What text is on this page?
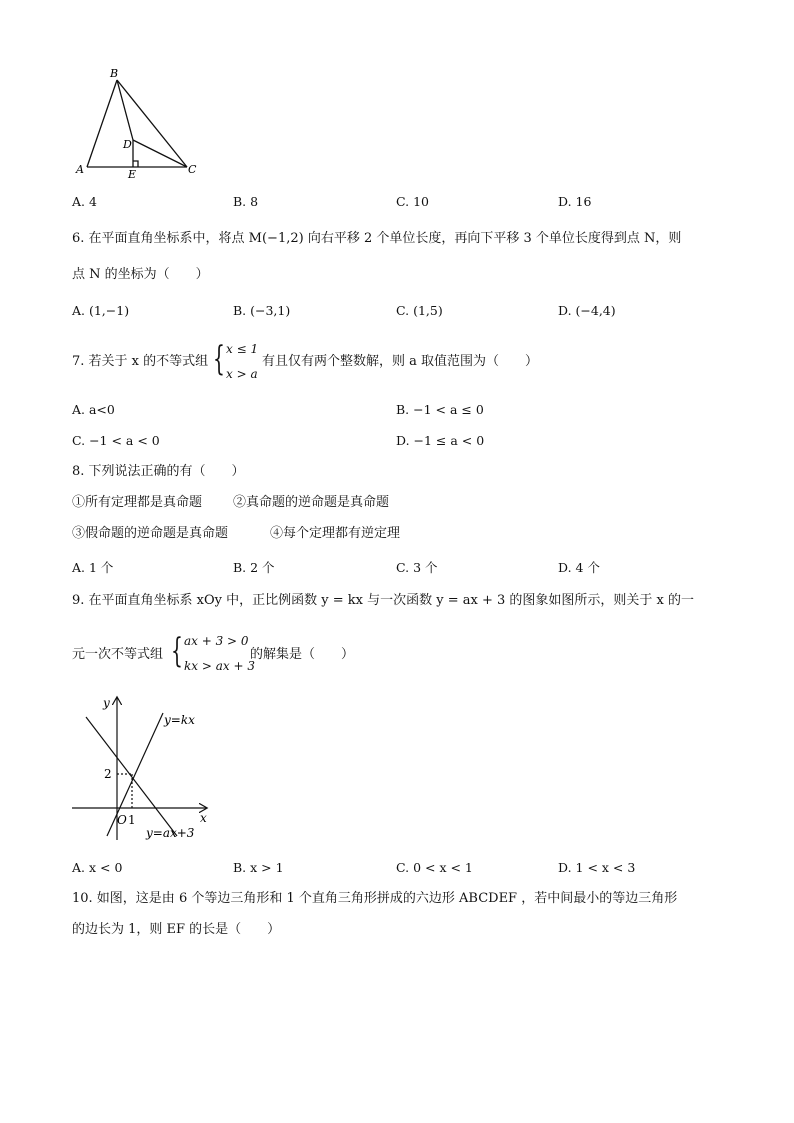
B
D
A	E	C
A. 4	B. 8	C. 10	D. 16
6. 在平面直角坐标系中，将点 M(−1,2) 向右平移 2 个单位长度，再向下平移 3 个单位长度得到点 N，则
点 N 的坐标为（　　）
A. (1,−1)	B. (−3,1)	C. (1,5)	D. (−4,4)
7. 若关于 x 的不等式组 { x ≤ 1
x > a
有且仅有两个整数解，则 a 取值范围为（　　）
A. a<0	B. −1 < a ≤ 0
C. −1 < a < 0	D. −1 ≤ a < 0
8. 下列说法正确的有（　　）
①所有定理都是真命题 ②真命题的逆命题是真命题
③假命题的逆命题是真命题	④每个定理都有逆定理
A. 1 个	B. 2 个	C. 3 个	D. 4 个
9. 在平面直角坐标系 xOy 中，正比例函数 y = kx 与一次函数 y = ax + 3 的图象如图所示，则关于 x 的一
元一次不等式组 { ax + 3 > 0
kx > ax + 3
的解集是（　　）
y
x
y=kx
y=ax+3
2
O 1
A. x < 0	B. x > 1	C. 0 < x < 1	D. 1 < x < 3
10. 如图，这是由 6 个等边三角形和 1 个直角三角形拼成的六边形 ABCDEF ，若中间最小的等边三角形
的边长为 1，则 EF 的长是（　　）
